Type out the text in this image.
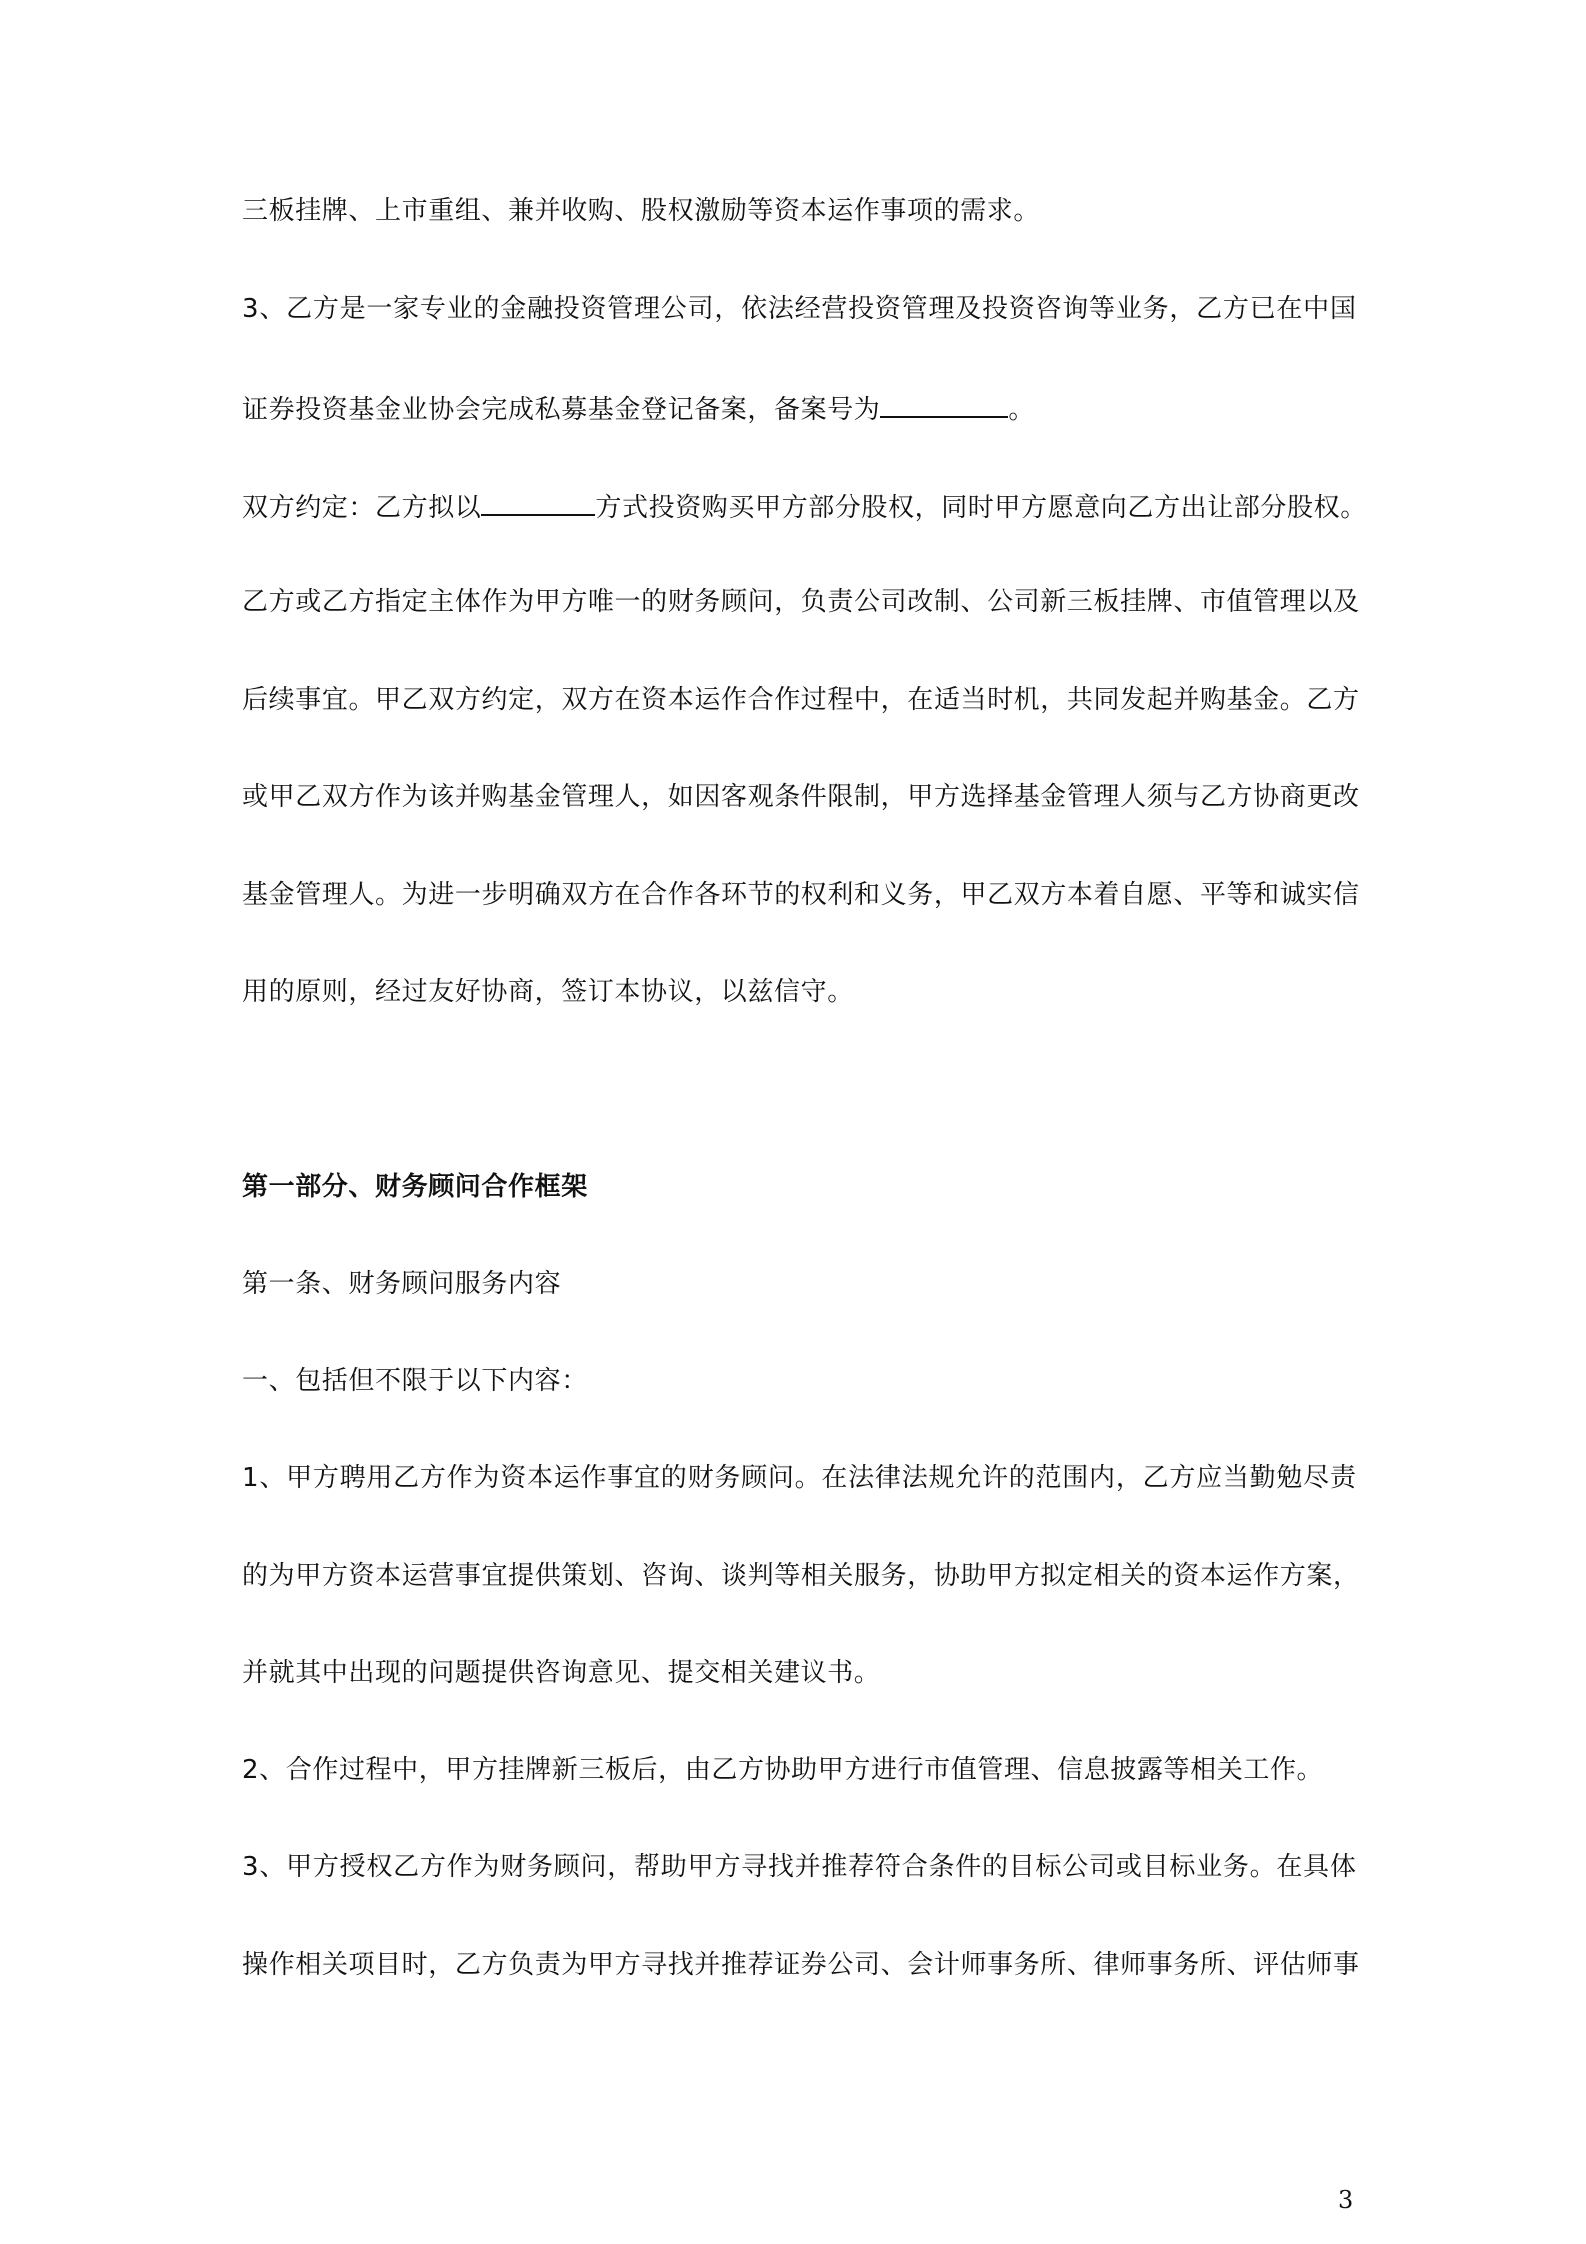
三板挂牌、上市重组、兼并收购、股权激励等资本运作事项的需求。
3 、 乙 方 是 一 家 专 业 的 金 融 投 资 管 理 公 司 ， 依 法 经 营 投 资 管 理 及 投 资 咨 询 等 业 务 ， 乙 方 已 在 中 国
证券投资基金业协会完成私募基金登记备案，备案号为	。
双方约定：乙方拟以	方式投资购买甲方部分股权，同时甲方愿意向乙方出让部分股权。
乙 方 或 乙 方 指 定 主 体 作 为 甲 方 唯 一 的 财 务 顾 问 ， 负 责 公 司 改 制 、 公 司 新 三 板 挂 牌 、 市 值 管 理 以 及
后 续 事 宜 。 甲 乙 双 方 约 定 ， 双 方 在 资 本 运 作 合 作 过 程 中 ， 在 适 当 时 机 ， 共 同 发 起 并 购 基 金 。 乙 方
或 甲 乙 双 方 作 为 该 并 购 基 金 管 理 人 ， 如 因 客 观 条 件 限 制 ， 甲 方 选 择 基 金 管 理 人 须 与 乙 方 协 商 更 改
基 金 管 理 人 。 为 进 一 步 明 确 双 方 在 合 作 各 环 节 的 权 利 和 义 务 ， 甲 乙 双 方 本 着 自 愿 、 平 等 和 诚 实 信
用的原则，经过友好协商，签订本协议，以兹信守。
第一部分、财务顾问合作框架
第一条、财务顾问服务内容
一、包括但不限于以下内容：
1 、 甲 方 聘 用 乙 方 作 为 资 本 运 作 事 宜 的 财 务 顾 问 。 在 法 律 法 规 允 许 的 范 围 内 ， 乙 方 应 当 勤 勉 尽 责
的 为 甲 方 资 本 运 营 事 宜 提 供 策 划 、 咨 询 、 谈 判 等 相 关 服 务 ， 协 助 甲 方 拟 定 相 关 的 资 本 运 作 方 案 ，
并就其中出现的问题提供咨询意见、提交相关建议书。
2、合作过程中，甲方挂牌新三板后，由乙方协助甲方进行市值管理、信息披露等相关工作。
3 、 甲 方 授 权 乙 方 作 为 财 务 顾 问 ， 帮 助 甲 方 寻 找 并 推 荐 符 合 条 件 的 目 标 公 司 或 目 标 业 务 。 在 具 体
操 作 相 关 项 目 时 ， 乙 方 负 责 为 甲 方 寻 找 并 推 荐 证 券 公 司 、 会 计 师 事 务 所 、 律 师 事 务 所 、 评 估 师 事
3
